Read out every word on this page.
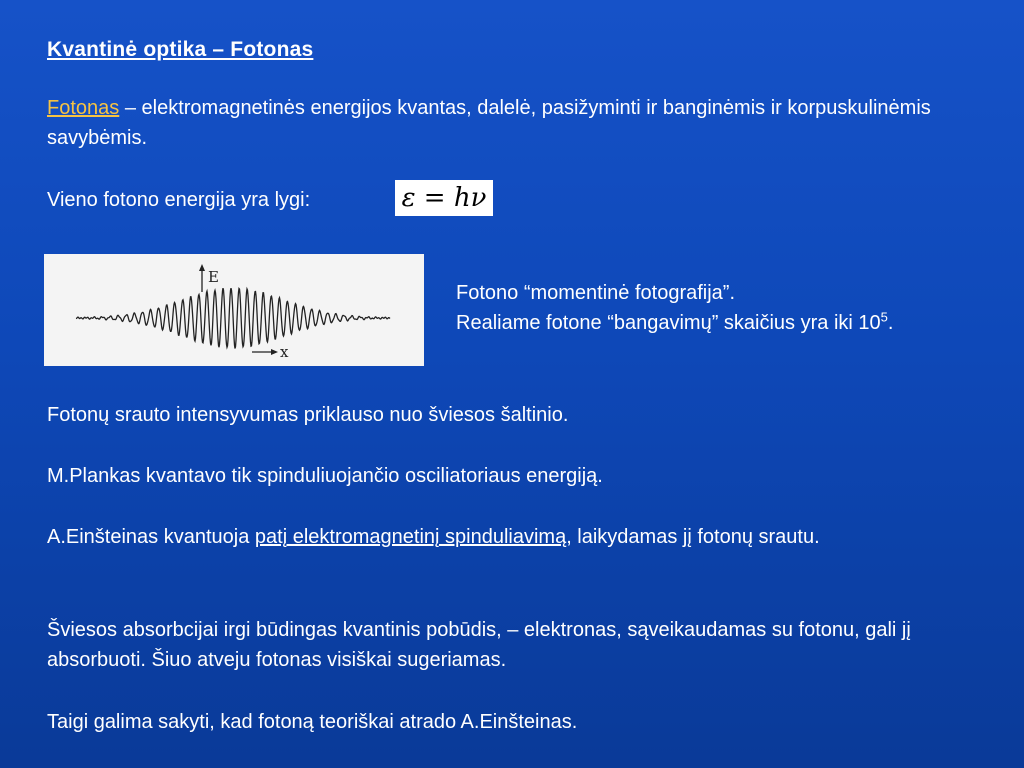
Kvantinė optika – Fotonas
Fotonas – elektromagnetinės energijos kvantas, dalelė, pasižyminti ir banginėmis ir korpuskulinėmis savybėmis.
Vieno fotono energija yra lygi:	ε = hν
E
x
Fotono “momentinė fotografija”.
Realiame fotone “bangavimų” skaičius yra iki $10^5$.
Fotonų srauto intensyvumas priklauso nuo šviesos šaltinio.
M.Plankas kvantavo tik spinduliuojančio osciliatoriaus energiją.
A.Einšteinas kvantuoja patį elektromagnetinį spinduliavimą, laikydamas jį fotonų srautu.
Šviesos absorbcijai irgi būdingas kvantinis pobūdis, – elektronas, sąveikaudamas su fotonu, gali jį absorbuoti. Šiuo atveju fotonas visiškai sugeriamas.
Taigi galima sakyti, kad fotoną teoriškai atrado A.Einšteinas.
